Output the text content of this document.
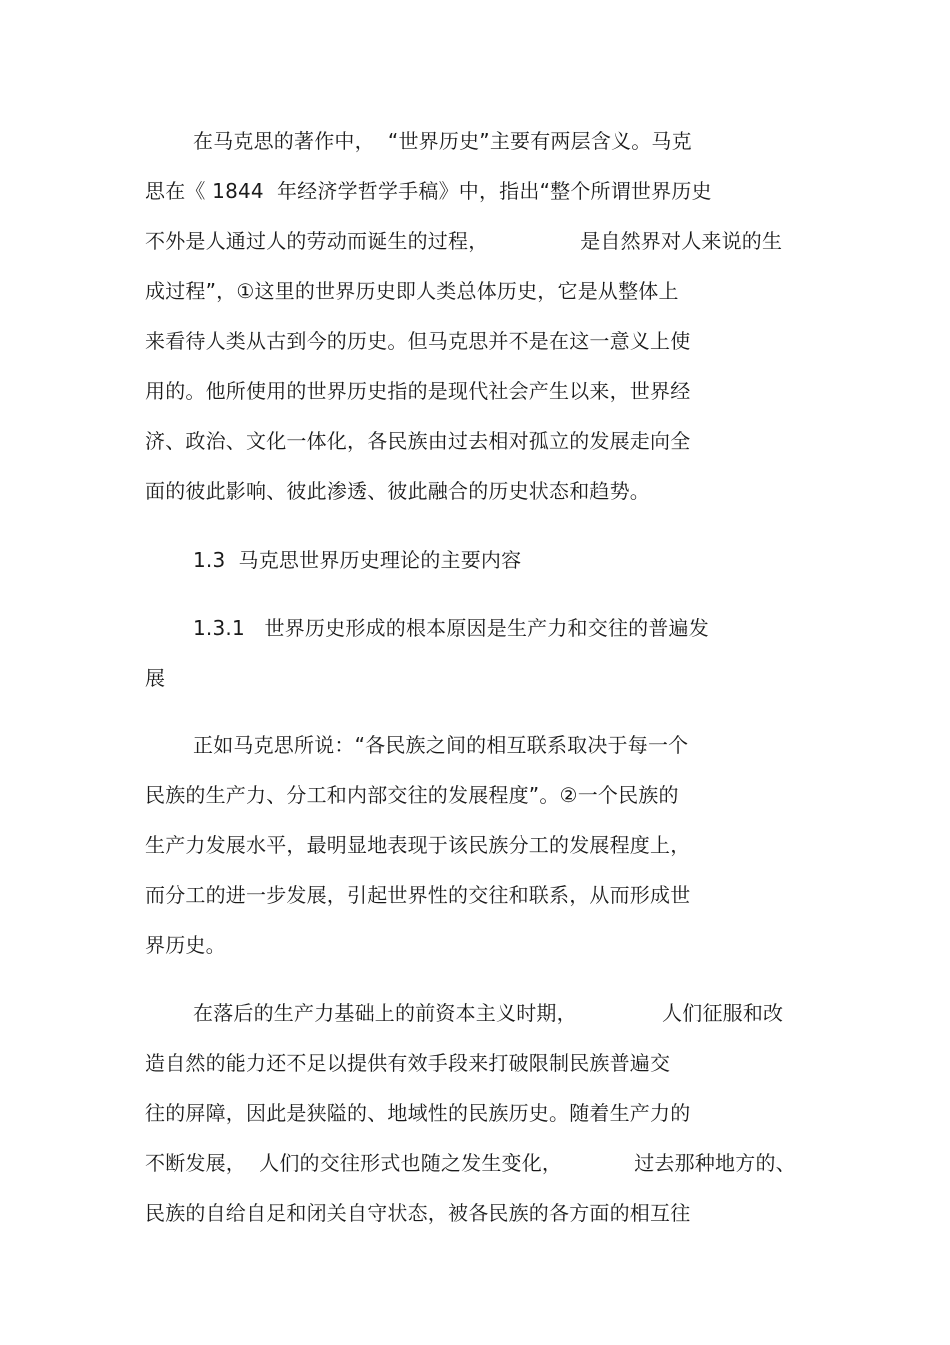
在马克思的著作中，  “世界历史”主要有两层含义。马克
思在《 1844  年经济学哲学手稿》中，指出“整个所谓世界历史
不外是人通过人的劳动而诞生的过程，              是自然界对人来说的生
成过程”，①这里的世界历史即人类总体历史，它是从整体上
来看待人类从古到今的历史。但马克思并不是在这一意义上使
用的。他所使用的世界历史指的是现代社会产生以来，世界经
济、政治、文化一体化，各民族由过去相对孤立的发展走向全
面的彼此影响、彼此渗透、彼此融合的历史状态和趋势。
1.3  马克思世界历史理论的主要内容
1.3.1   世界历史形成的根本原因是生产力和交往的普遍发
展
正如马克思所说：“各民族之间的相互联系取决于每一个
民族的生产力、分工和内部交往的发展程度”。②一个民族的
生产力发展水平，最明显地表现于该民族分工的发展程度上，
而分工的进一步发展，引起世界性的交往和联系，从而形成世
界历史。
在落后的生产力基础上的前资本主义时期，             人们征服和改
造自然的能力还不足以提供有效手段来打破限制民族普遍交
往的屏障，因此是狭隘的、地域性的民族历史。随着生产力的
不断发展，  人们的交往形式也随之发生变化，           过去那种地方的、
民族的自给自足和闭关自守状态，被各民族的各方面的相互往
